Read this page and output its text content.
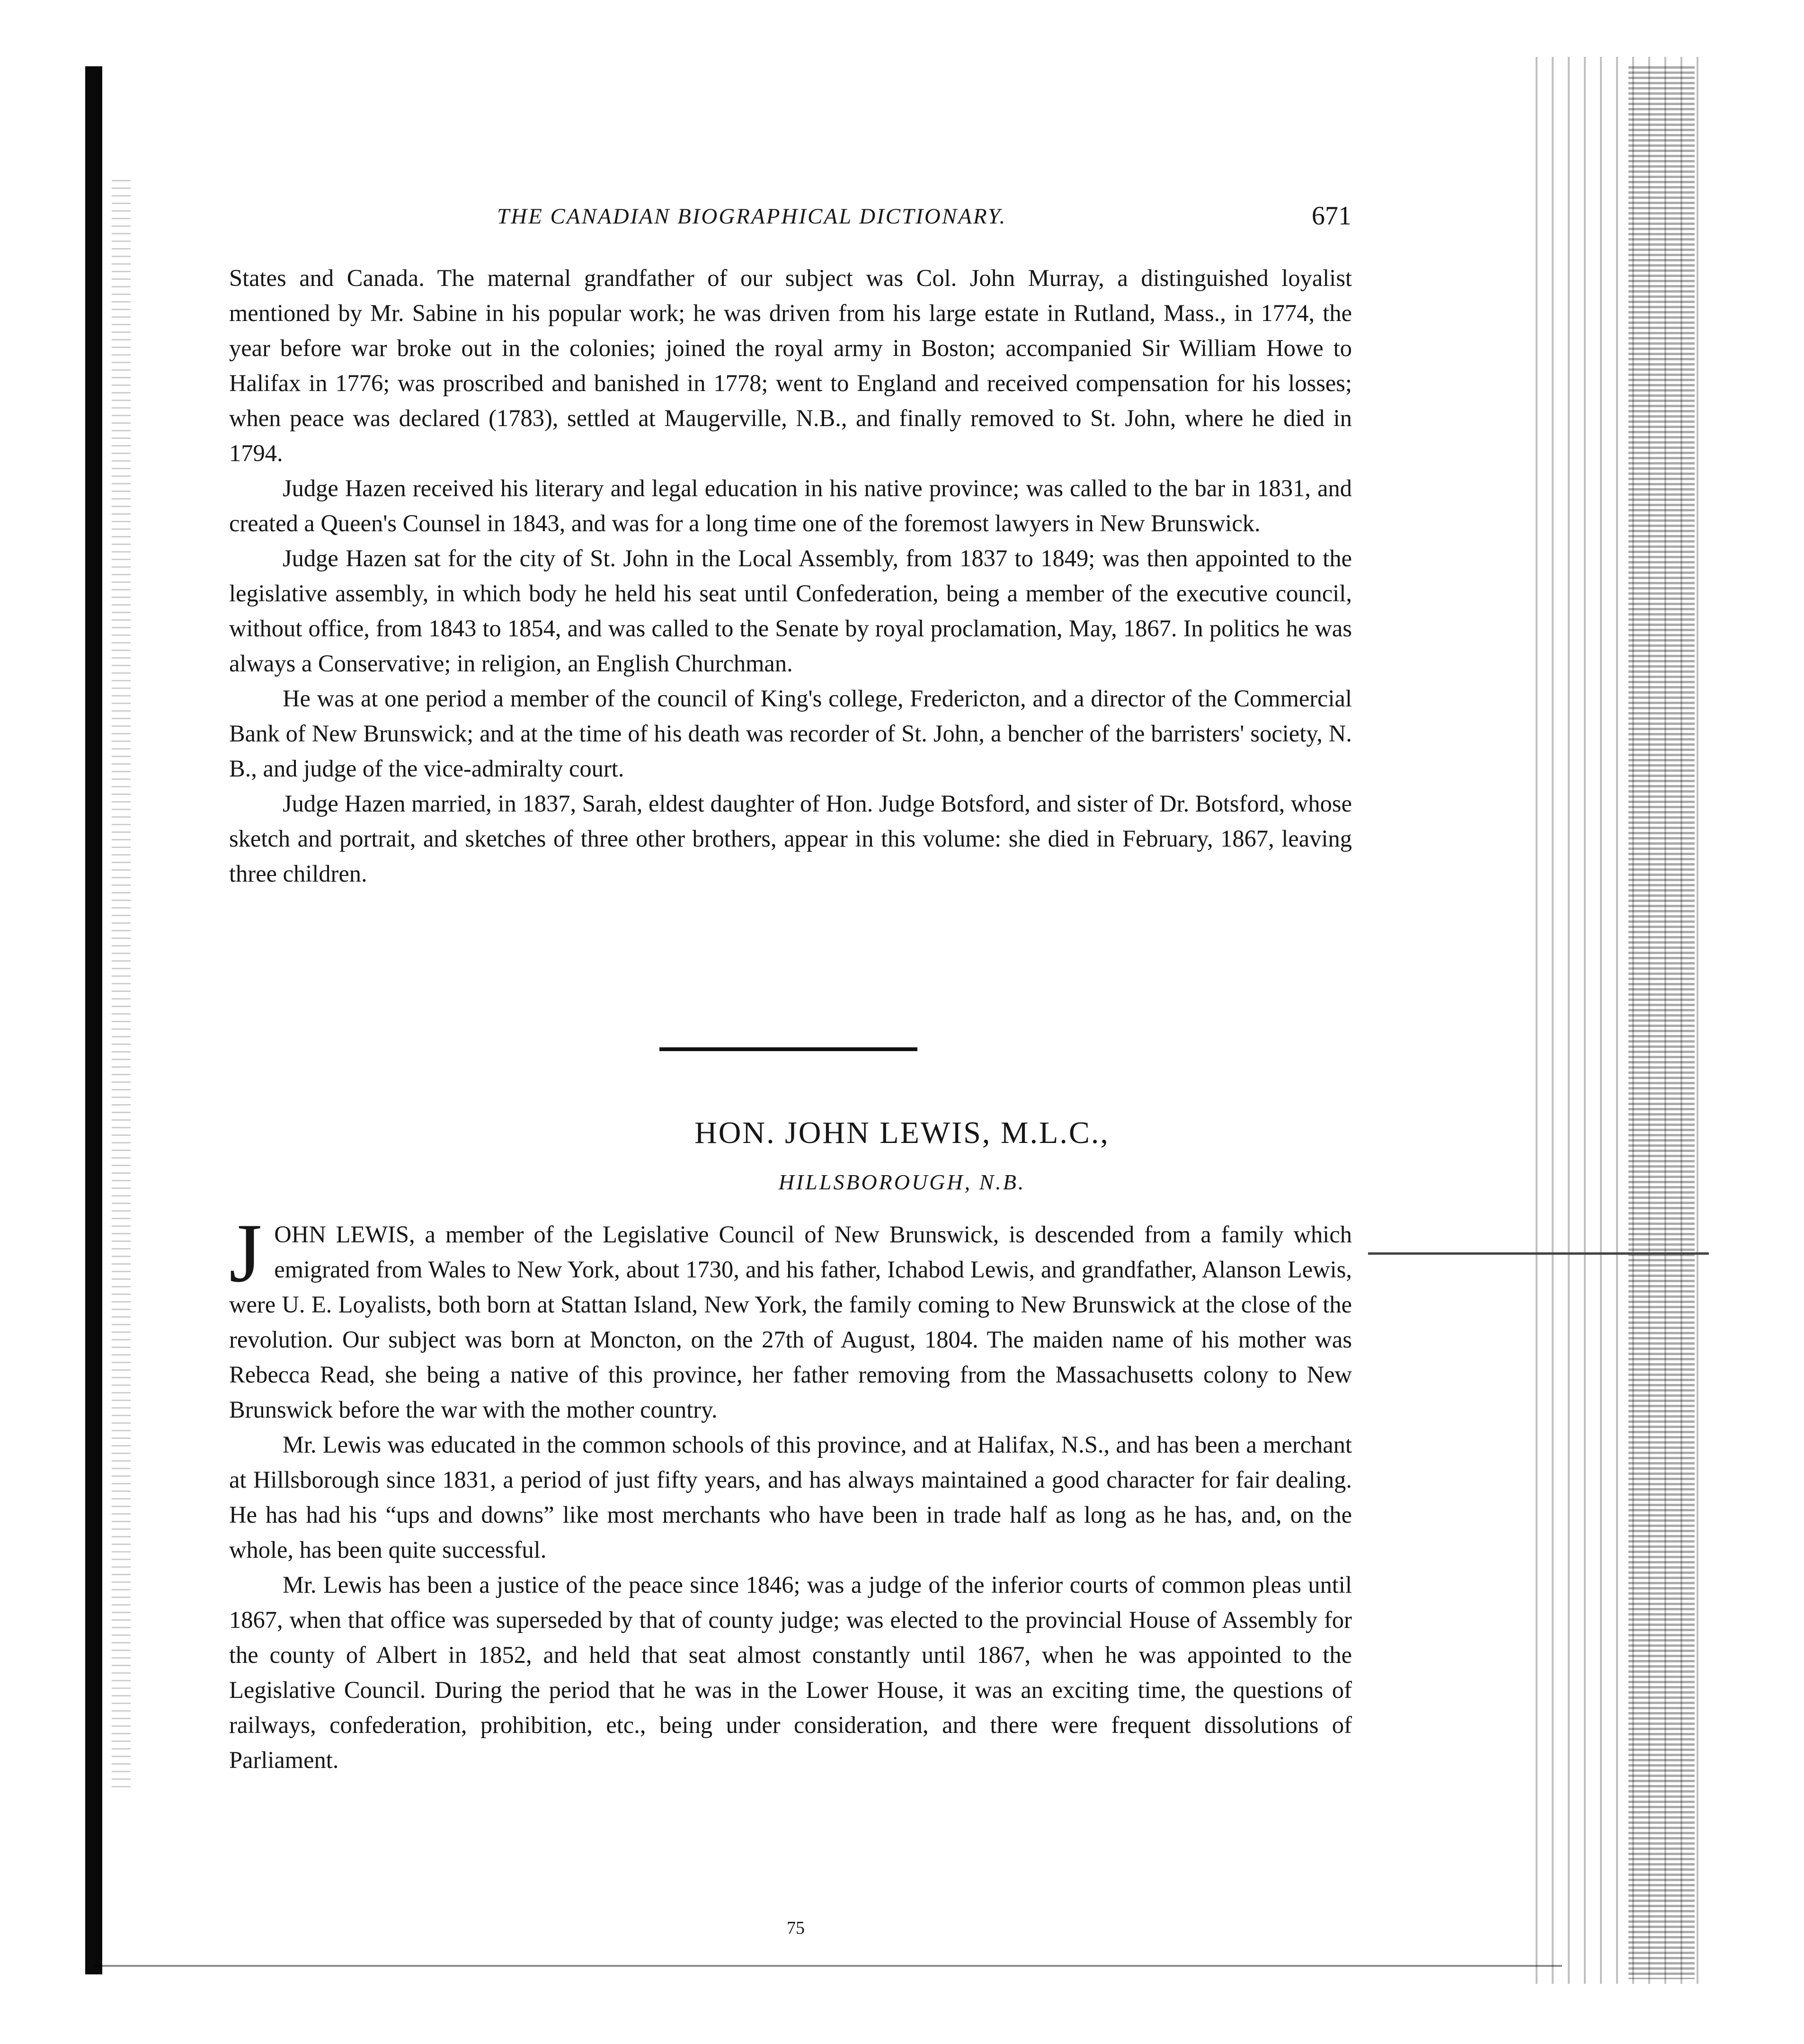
THE CANADIAN BIOGRAPHICAL DICTIONARY.	671

States and Canada. The maternal grandfather of our subject was Col. John Murray, a distinguished loyalist mentioned by Mr. Sabine in his popular work; he was driven from his large estate in Rutland, Mass., in 1774, the year before war broke out in the colonies; joined the royal army in Boston; accompanied Sir William Howe to Halifax in 1776; was proscribed and banished in 1778; went to England and received compensation for his losses; when peace was declared (1783), settled at Maugerville, N.B., and finally removed to St. John, where he died in 1794.

Judge Hazen received his literary and legal education in his native province; was called to the bar in 1831, and created a Queen's Counsel in 1843, and was for a long time one of the foremost lawyers in New Brunswick.

Judge Hazen sat for the city of St. John in the Local Assembly, from 1837 to 1849; was then appointed to the legislative assembly, in which body he held his seat until Confederation, being a member of the executive council, without office, from 1843 to 1854, and was called to the Senate by royal proclamation, May, 1867. In politics he was always a Conservative; in religion, an English Churchman.

He was at one period a member of the council of King's college, Fredericton, and a director of the Commercial Bank of New Brunswick; and at the time of his death was recorder of St. John, a bencher of the barristers' society, N. B., and judge of the vice-admiralty court.

Judge Hazen married, in 1837, Sarah, eldest daughter of Hon. Judge Botsford, and sister of Dr. Botsford, whose sketch and portrait, and sketches of three other brothers, appear in this volume: she died in February, 1867, leaving three children.

HON. JOHN LEWIS, M.L.C.,
HILLSBOROUGH, N.B.

JOHN LEWIS, a member of the Legislative Council of New Brunswick, is descended from a family which emigrated from Wales to New York, about 1730, and his father, Ichabod Lewis, and grandfather, Alanson Lewis, were U. E. Loyalists, both born at Stattan Island, New York, the family coming to New Brunswick at the close of the revolution. Our subject was born at Moncton, on the 27th of August, 1804. The maiden name of his mother was Rebecca Read, she being a native of this province, her father removing from the Massachusetts colony to New Brunswick before the war with the mother country.

Mr. Lewis was educated in the common schools of this province, and at Halifax, N.S., and has been a merchant at Hillsborough since 1831, a period of just fifty years, and has always maintained a good character for fair dealing. He has had his “ups and downs” like most merchants who have been in trade half as long as he has, and, on the whole, has been quite successful.

Mr. Lewis has been a justice of the peace since 1846; was a judge of the inferior courts of common pleas until 1867, when that office was superseded by that of county judge; was elected to the provincial House of Assembly for the county of Albert in 1852, and held that seat almost constantly until 1867, when he was appointed to the Legislative Council. During the period that he was in the Lower House, it was an exciting time, the questions of railways, confederation, prohibition, etc., being under consideration, and there were frequent dissolutions of Parliament.

75
